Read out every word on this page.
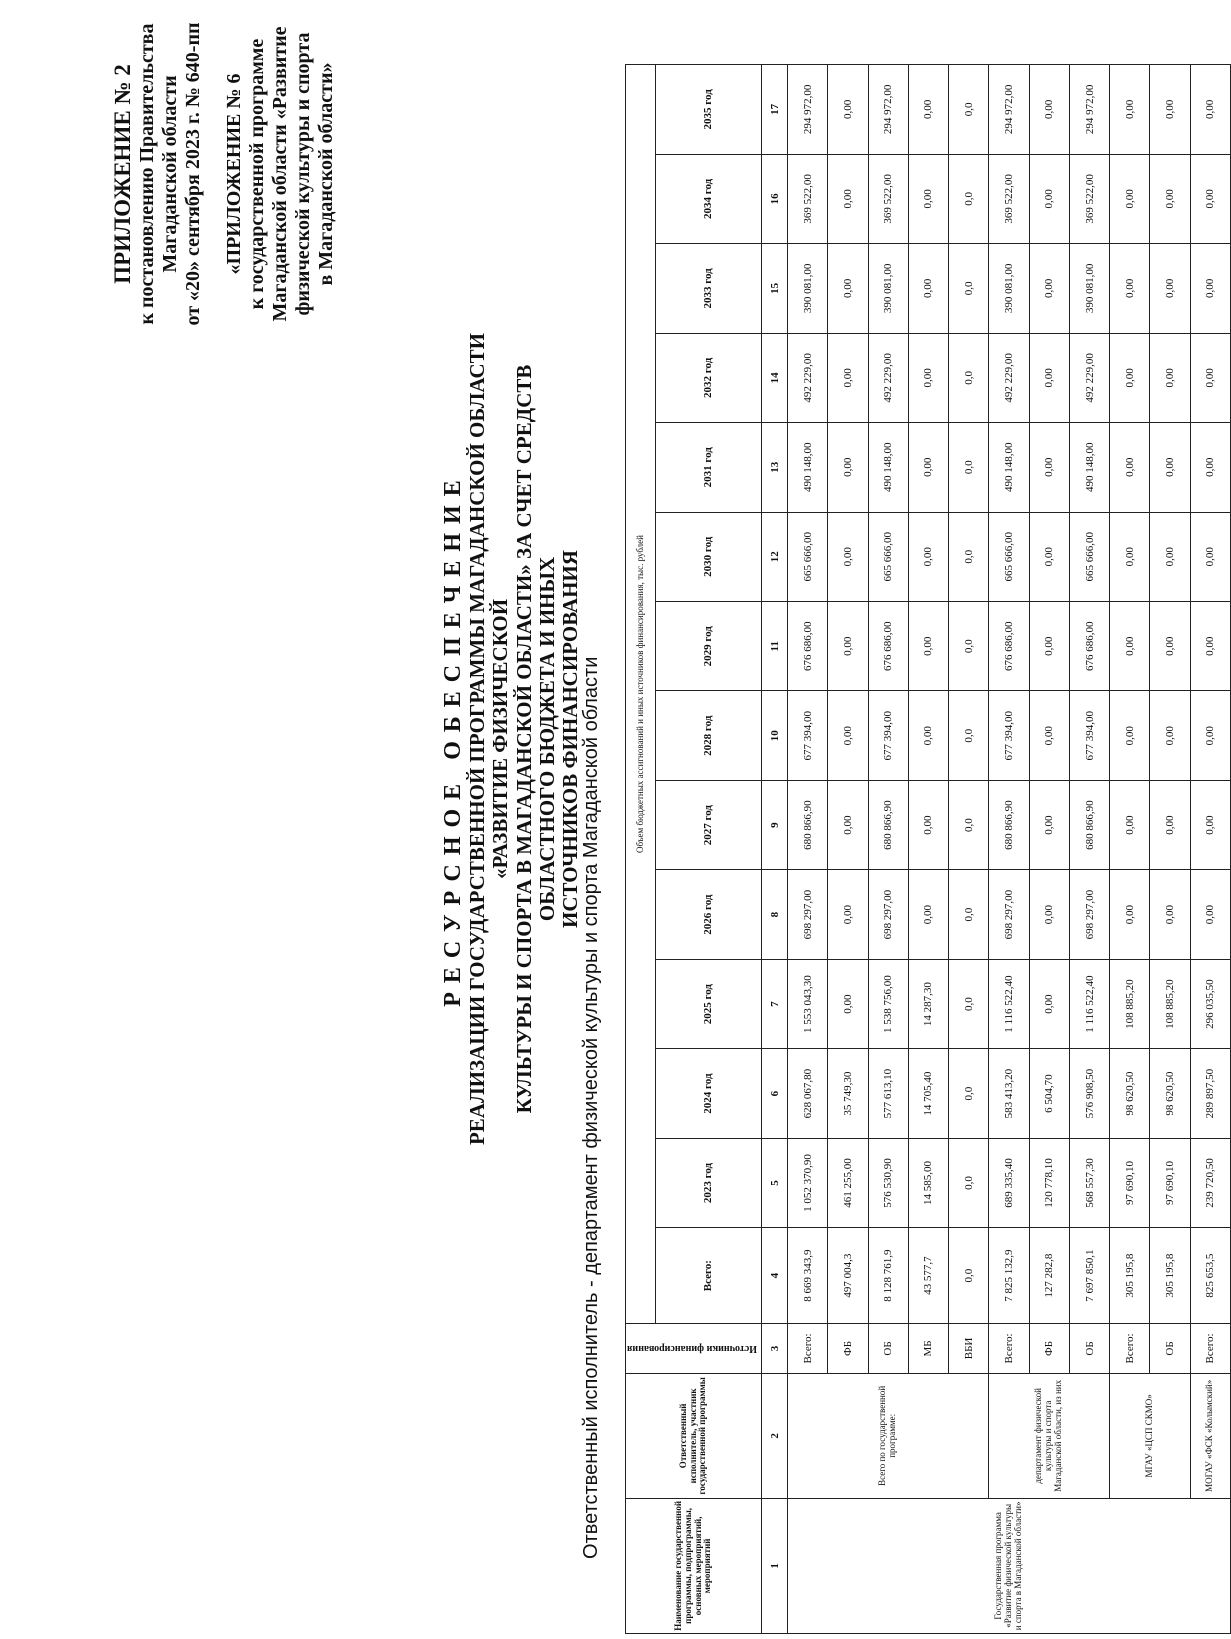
ПРИЛОЖЕНИЕ № 2 к постановлению Правительства Магаданской области от «20» сентября 2023 г. № 640-пп «ПРИЛОЖЕНИЕ № 6 к государственной программе Магаданской области «Развитие физической культуры и спорта в Магаданской области»
РЕСУРСНОЕ ОБЕСПЕЧЕНИЕ РЕАЛИЗАЦИИ ГОСУДАРСТВЕННОЙ ПРОГРАММЫ МАГАДАНСКОЙ ОБЛАСТИ «РАЗВИТИЕ ФИЗИЧЕСКОЙ КУЛЬТУРЫ И СПОРТА В МАГАДАНСКОЙ ОБЛАСТИ» ЗА СЧЕТ СРЕДСТВ ОБЛАСТНОГО БЮДЖЕТА И ИНЫХ ИСТОЧНИКОВ ФИНАНСИРОВАНИЯ
Ответственный исполнитель - департамент физической культуры и спорта Магаданской области
Наименование государственной программы, подпрограммы, основных мероприятий, мероприятий	Ответственный исполнитель, участник государственной программы	Источники финансирования	Объем бюджетных ассигнований и иных источников финансирования, тыс. рублей													
			Всего:	2023 год	2024 год	2025 год	2026 год	2027 год	2028 год	2029 год	2030 год	2031 год	2032 год	2033 год	2034 год	2035 год
1	2	3	4	5	6	7	8	9	10	11	12	13	14	15	16	17
Государственная программа «Развитие физической культуры и спорта в Магаданской области»	Всего по государственной программе:	Всего:	8 669 343,9	1 052 370,90	628 067,80	1 553 043,30	698 297,00	680 866,90	677 394,00	676 686,00	665 666,00	490 148,00	492 229,00	390 081,00	369 522,00	294 972,00
		ФБ	497 004,3	461 255,00	35 749,30	0,00	0,00	0,00	0,00	0,00	0,00	0,00	0,00	0,00	0,00	0,00
		ОБ	8 128 761,9	576 530,90	577 613,10	1 538 756,00	698 297,00	680 866,90	677 394,00	676 686,00	665 666,00	490 148,00	492 229,00	390 081,00	369 522,00	294 972,00
		МБ	43 577,7	14 585,00	14 705,40	14 287,30	0,00	0,00	0,00	0,00	0,00	0,00	0,00	0,00	0,00	0,00
		ВБИ	0,0	0,0	0,0	0,0	0,0	0,0	0,0	0,0	0,0	0,0	0,0	0,0	0,0	0,0
	департамент физической культуры и спорта Магаданской области, из них	Всего:	7 825 132,9	689 335,40	583 413,20	1 116 522,40	698 297,00	680 866,90	677 394,00	676 686,00	665 666,00	490 148,00	492 229,00	390 081,00	369 522,00	294 972,00
		ФБ	127 282,8	120 778,10	6 504,70	0,00	0,00	0,00	0,00	0,00	0,00	0,00	0,00	0,00	0,00	0,00
		ОБ	7 697 850,1	568 557,30	576 908,50	1 116 522,40	698 297,00	680 866,90	677 394,00	676 686,00	665 666,00	490 148,00	492 229,00	390 081,00	369 522,00	294 972,00
	МГАУ «ЦСП СКМО»	Всего:	305 195,8	97 690,10	98 620,50	108 885,20	0,00	0,00	0,00	0,00	0,00	0,00	0,00	0,00	0,00	0,00
		ОБ	305 195,8	97 690,10	98 620,50	108 885,20	0,00	0,00	0,00	0,00	0,00	0,00	0,00	0,00	0,00	0,00
	МОГАУ «ФСК «Колымский»	Всего:	825 653,5	239 720,50	289 897,50	296 035,50	0,00	0,00	0,00	0,00	0,00	0,00	0,00	0,00	0,00	0,00
